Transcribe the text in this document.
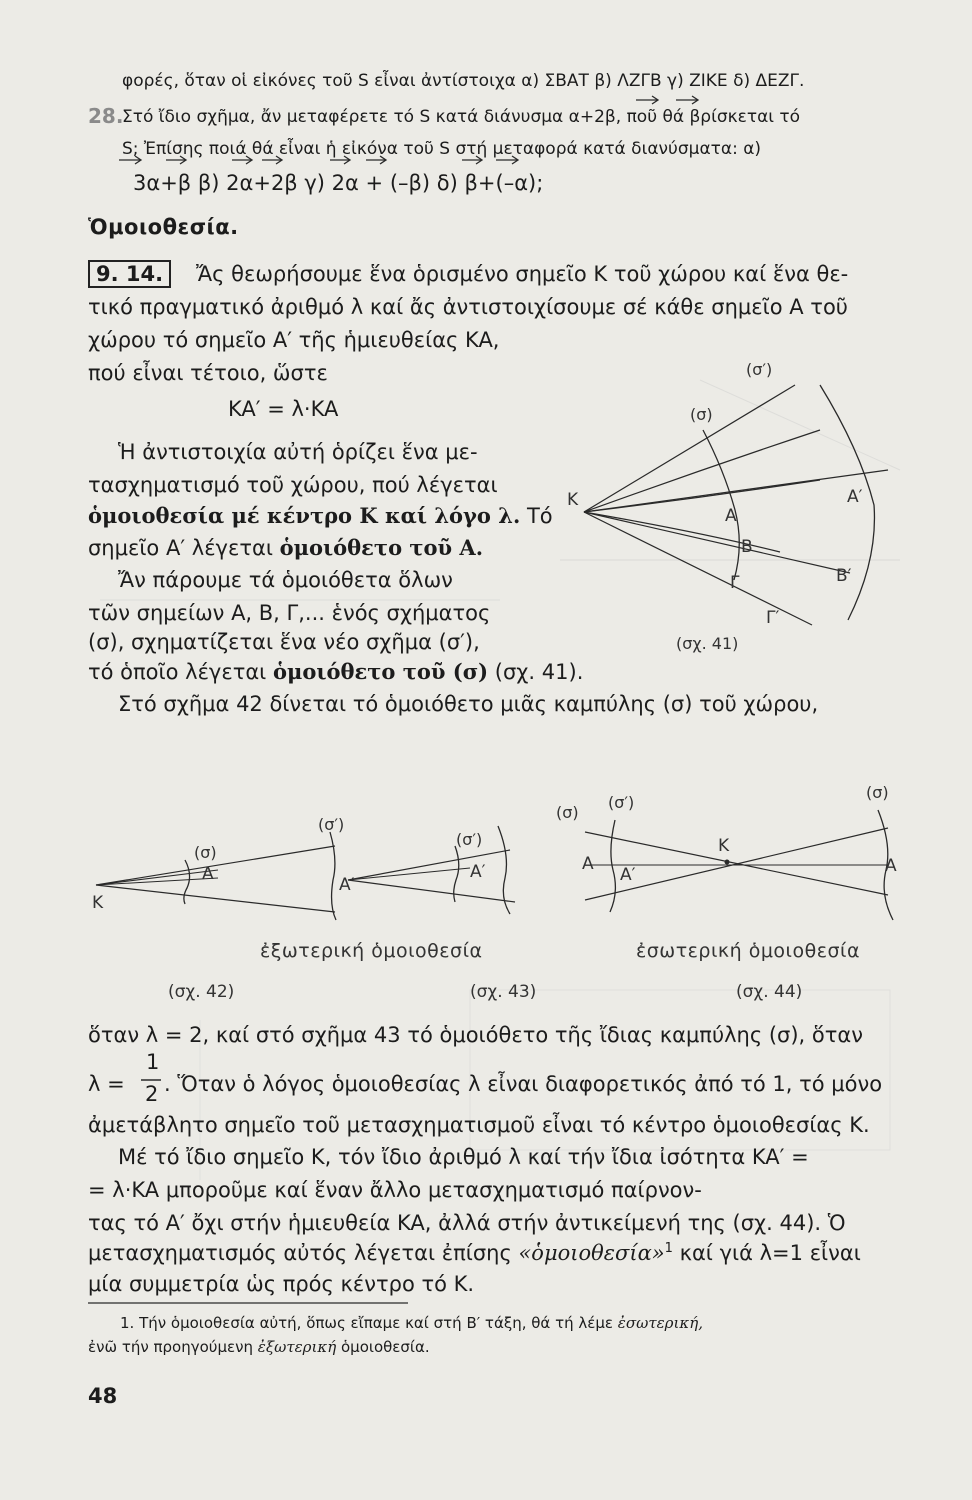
φορές, ὅταν οἱ εἰκόνες τοῦ S εἶναι ἀντίστοιχα α) ΣΒΑΤ β) ΛΖΓΒ γ) ΖΙΚΕ δ) ΔΕΖΓ.
28.
Στό ἴδιο σχῆμα, ἄν μεταφέρετε τό S κατά διάνυσμα α+2β, ποῦ θά βρίσκεται τό
S; Ἐπίσης ποιά θά εἶναι ἡ εἰκόνα τοῦ S στή μεταφορά κατά διανύσματα: α)
3α+β β) 2α+2β γ) 2α + (–β) δ) β+(–α);
Ὁμοιοθεσία.
9. 14.	Ἄς θεωρήσουμε ἕνα ὁρισμένο σημεῖο K τοῦ χώρου καί ἕνα θε-
τικό πραγματικό ἀριθμό λ καί ἄς ἀντιστοιχίσουμε σέ κάθε σημεῖο A τοῦ
χώρου τό σημεῖο A′ τῆς ἡμιευθείας KA,
πού εἶναι τέτοιο, ὥστε
KA′ = λ·KA
Ἡ ἀντιστοιχία αὐτή ὁρίζει ἕνα με-
τασχηματισμό τοῦ χώρου, πού λέγεται
ὁμοιοθεσία μέ κέντρο K καί λόγο λ. Τό
σημεῖο A′ λέγεται ὁμοιόθετο τοῦ A.
Ἄν πάρουμε τά ὁμοιόθετα ὅλων
τῶν σημείων A, B, Γ,... ἑνός σχήματος
(σ), σχηματίζεται ἕνα νέο σχῆμα (σ′),
τό ὁποῖο λέγεται ὁμοιόθετο τοῦ (σ) (σχ. 41).
Στό σχῆμα 42 δίνεται τό ὁμοιόθετο μιᾶς καμπύλης (σ) τοῦ χώρου,
(σ′)
(σ)
K
A
A′
B
B′
Γ
Γ′
(σχ. 41)
(σ)
(σ′)
K
A
A′
(σ′)
(σ)
A′	A
(σ′)
(σ)
K
A′	A
ἐξωτερική ὁμοιοθεσία	ἐσωτερική ὁμοιοθεσία
(σχ. 42)	(σχ. 43)	(σχ. 44)
ὅταν λ = 2, καί στό σχῆμα 43 τό ὁμοιόθετο τῆς ἴδιας καμπύλης (σ), ὅταν
λ =
1
2 . Ὅταν ὁ λόγος ὁμοιοθεσίας λ εἶναι διαφορετικός ἀπό τό 1, τό μόνο
ἀμετάβλητο σημεῖο τοῦ μετασχηματισμοῦ εἶναι τό κέντρο ὁμοιοθεσίας K.
Μέ τό ἴδιο σημεῖο K, τόν ἴδιο ἀριθμό λ καί τήν ἴδια ἰσότητα KA′ =
= λ·KA μποροῦμε καί ἕναν ἄλλο μετασχηματισμό παίρνον-
τας τό A′ ὄχι στήν ἡμιευθεία KA, ἀλλά στήν ἀντικείμενή της (σχ. 44). Ὁ
μετασχηματισμός αὐτός λέγεται ἐπίσης «ὁμοιοθεσία»$^1$ καί γιά λ=1 εἶναι
μία συμμετρία ὡς πρός κέντρο τό K.
1. Τήν ὁμοιοθεσία αὐτή, ὅπως εἴπαμε καί στή B′ τάξη, θά τή λέμε ἐσωτερική,
ἐνῶ τήν προηγούμενη ἐξωτερική ὁμοιοθεσία.
48
